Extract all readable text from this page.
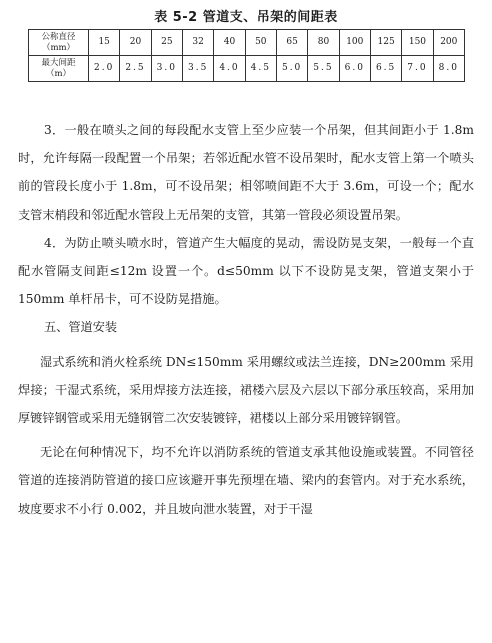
表 5-2 管道支、吊架的间距表
公称直径
（mm）	15	20	25	32	40	50	65	80	100	125	150	200
最大间距
（m）	2.0	2.5	3.0	3.5	4.0	4.5	5.0	5.5	6.0	6.5	7.0	8.0

3．一般在喷头之间的每段配水支管上至少应装一个吊架，但其间距小于 1.8m 时，允许每隔一段配置一个吊架；若邻近配水管不设吊架时，配水支管上第一个喷头前的管段长度小于 1.8m，可不设吊架；相邻喷间距不大于 3.6m，可设一个；配水支管末梢段和邻近配水管段上无吊架的支管，其第一管段必须设置吊架。

4．为防止喷头喷水时，管道产生大幅度的晃动，需设防晃支架，一般每一个直配水管隔支间距≤12m 设置一个。d≤50mm 以下不设防晃支架，管道支架小于 150mm 单杆吊卡，可不设防晃措施。

五、管道安装

湿式系统和消火栓系统 DN≤150mm 采用螺纹或法兰连接，DN≥200mm 采用焊接；干湿式系统，采用焊接方法连接，裙楼六层及六层以下部分承压较高，采用加厚镀锌钢管或采用无缝钢管二次安装镀锌，裙楼以上部分采用镀锌钢管。

无论在何种情况下，均不允许以消防系统的管道支承其他设施或装置。不同管径管道的连接消防管道的接口应该避开事先预埋在墙、梁内的套管内。对于充水系统，坡度要求不小行 0.002，并且坡向泄水装置，对于干湿
